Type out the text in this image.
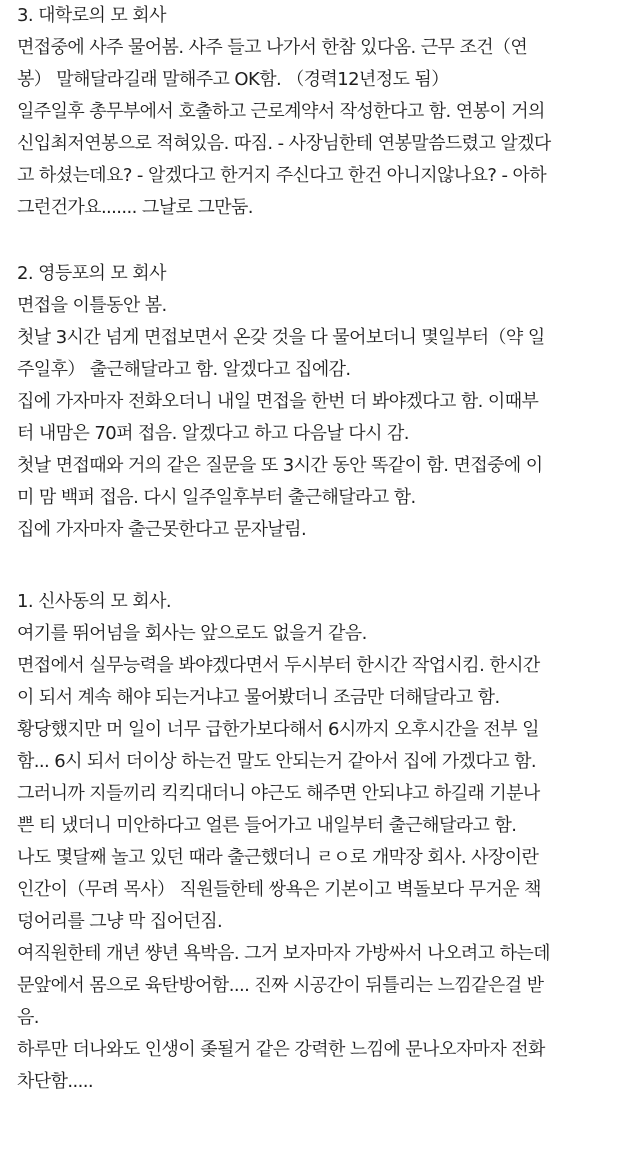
3. 대학로의 모 회사
면접중에 사주 물어봄. 사주 들고 나가서 한참 있다옴. 근무 조건（연
봉） 말해달라길래 말해주고 OK함. （경력12년정도 됨）
일주일후 총무부에서 호출하고 근로계약서 작성한다고 함. 연봉이 거의
신입최저연봉으로 적혀있음. 따짐. - 사장님한테 연봉말씀드렸고 알겠다
고 하셨는데요? - 알겠다고 한거지 주신다고 한건 아니지않나요? - 아하
그런건가요....... 그날로 그만둠.
2. 영등포의 모 회사
면접을 이틀동안 봄.
첫날 3시간 넘게 면접보면서 온갖 것을 다 물어보더니 몇일부터（약 일
주일후） 출근해달라고 함. 알겠다고 집에감.
집에 가자마자 전화오더니 내일 면접을 한번 더 봐야겠다고 함. 이때부
터 내맘은 70퍼 접음. 알겠다고 하고 다음날 다시 감.
첫날 면접때와 거의 같은 질문을 또 3시간 동안 똑같이 함. 면접중에 이
미 맘 백퍼 접음. 다시 일주일후부터 출근해달라고 함.
집에 가자마자 출근못한다고 문자날림.
1. 신사동의 모 회사.
여기를 뛰어넘을 회사는 앞으로도 없을거 같음.
면접에서 실무능력을 봐야겠다면서 두시부터 한시간 작업시킴. 한시간
이 되서 계속 해야 되는거냐고 물어봤더니 조금만 더해달라고 함.
황당했지만 머 일이 너무 급한가보다해서 6시까지 오후시간을 전부 일
함... 6시 되서 더이상 하는건 말도 안되는거 같아서 집에 가겠다고 함.
그러니까 지들끼리 킥킥대더니 야근도 해주면 안되냐고 하길래 기분나
쁜 티 냈더니 미안하다고 얼른 들어가고 내일부터 출근해달라고 함.
나도 몇달째 놀고 있던 때라 출근했더니 ㄹㅇ로 개막장 회사. 사장이란
인간이（무려 목사） 직원들한테 쌍욕은 기본이고 벽돌보다 무거운 책
덩어리를 그냥 막 집어던짐.
여직원한테 개년 썅년 욕박음. 그거 보자마자 가방싸서 나오려고 하는데
문앞에서 몸으로 육탄방어함.... 진짜 시공간이 뒤틀리는 느낌같은걸 받
음.
하루만 더나와도 인생이 좆될거 같은 강력한 느낌에 문나오자마자 전화
차단함.....
